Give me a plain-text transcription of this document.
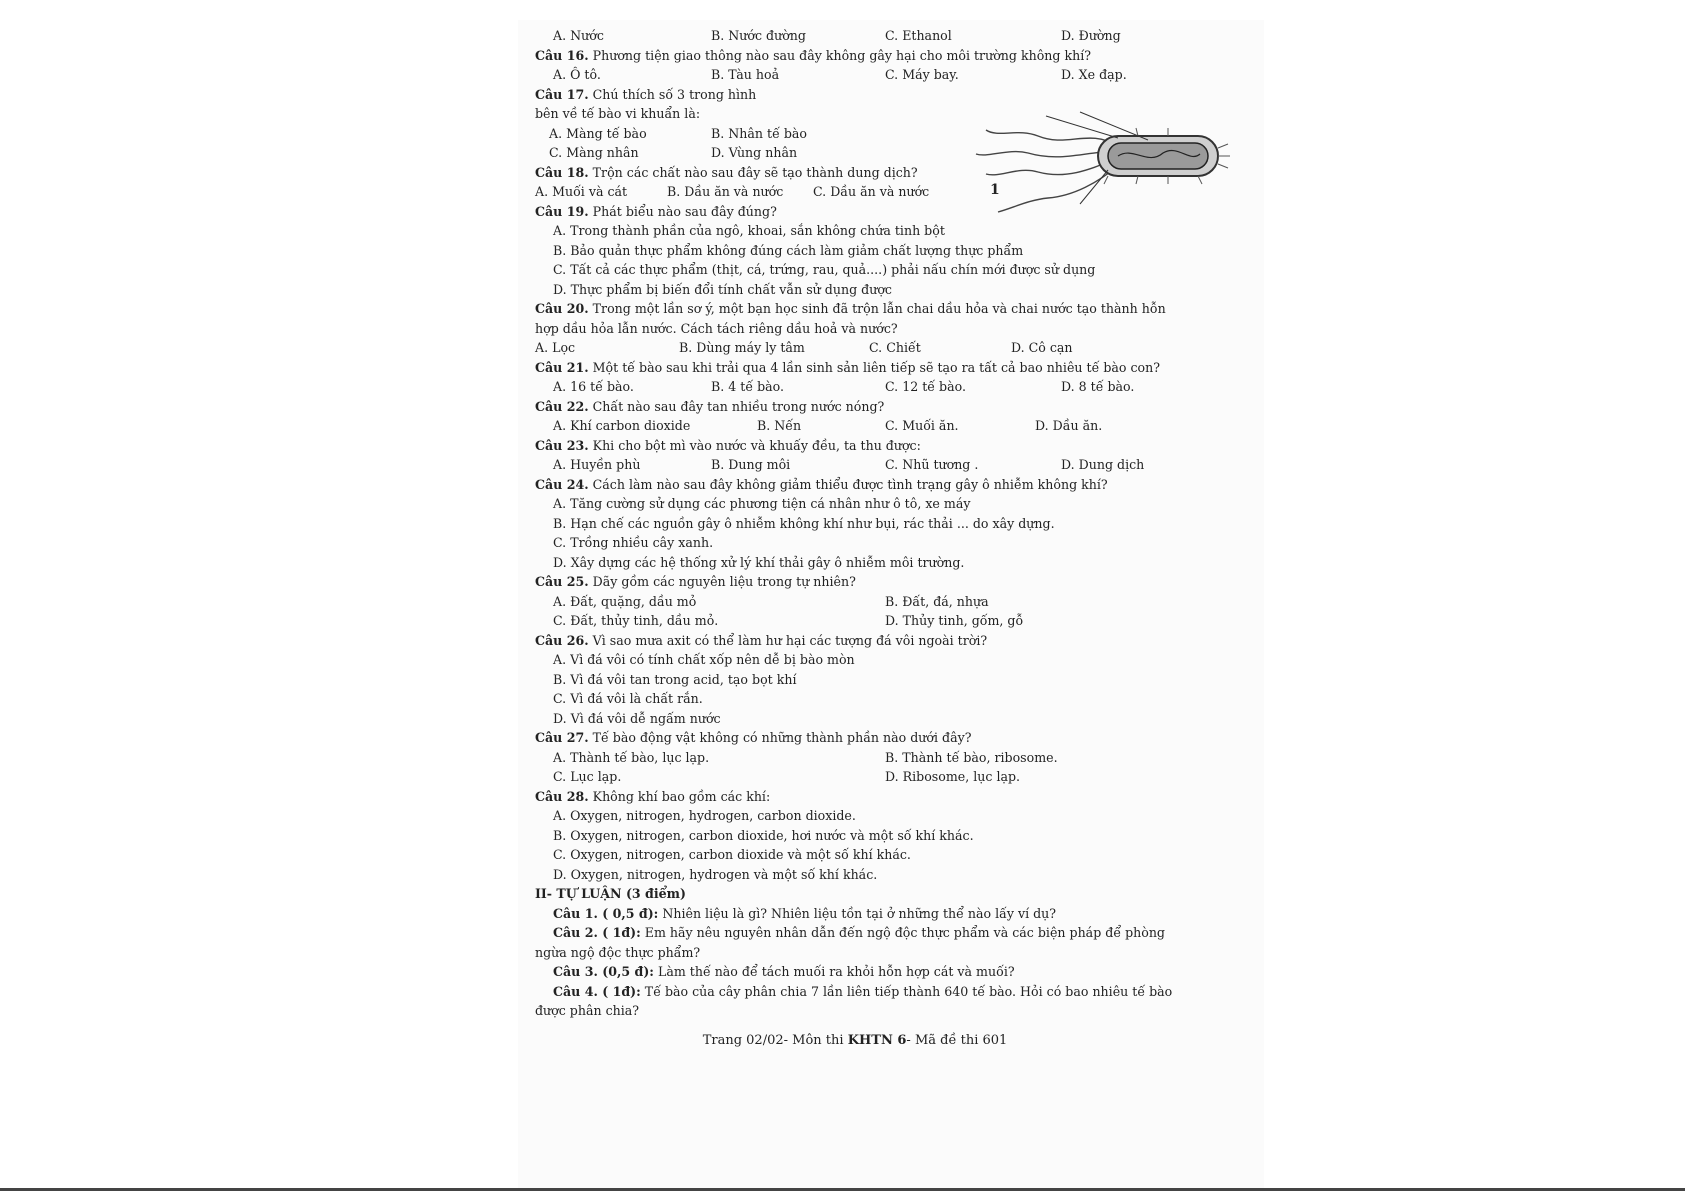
A. Nước	B. Nước đường	C. Ethanol	D. Đường
Câu 16. Phương tiện giao thông nào sau đây không gây hại cho môi trường không khí?
A. Ô tô.	B. Tàu hoả	C. Máy bay.	D. Xe đạp.
Câu 17. Chú thích số 3 trong hình
bên về tế bào vi khuẩn là:
A. Màng tế bào	B. Nhân tế bào
C. Màng nhân	D. Vùng nhân
Câu 18. Trộn các chất nào sau đây sẽ tạo thành dung dịch?
A. Muối và cát	B. Dầu ăn và nước	C. Dầu ăn và nước
Câu 19. Phát biểu nào sau đây đúng?
A. Trong thành phần của ngô, khoai, sắn không chứa tinh bột
B. Bảo quản thực phẩm không đúng cách làm giảm chất lượng thực phẩm
C. Tất cả các thực phẩm (thịt, cá, trứng, rau, quả....) phải nấu chín mới được sử dụng
D. Thực phẩm bị biến đổi tính chất vẫn sử dụng được
Câu 20. Trong một lần sơ ý, một bạn học sinh đã trộn lẫn chai dầu hỏa và chai nước tạo thành hỗn
hợp dầu hỏa lẫn nước. Cách tách riêng dầu hoả và nước?
A. Lọc	B. Dùng máy ly tâm	C. Chiết	D. Cô cạn
Câu 21. Một tế bào sau khi trải qua 4 lần sinh sản liên tiếp sẽ tạo ra tất cả bao nhiêu tế bào con?
A. 16 tế bào.	B. 4 tế bào.	C. 12 tế bào.	D. 8 tế bào.
Câu 22. Chất nào sau đây tan nhiều trong nước nóng?
A. Khí carbon dioxide	B. Nến	C. Muối ăn.	D. Dầu ăn.
Câu 23. Khi cho bột mì vào nước và khuấy đều, ta thu được:
A. Huyền phù	B. Dung môi	C. Nhũ tương .	D. Dung dịch
Câu 24. Cách làm nào sau đây không giảm thiểu được tình trạng gây ô nhiễm không khí?
A. Tăng cường sử dụng các phương tiện cá nhân như ô tô, xe máy
B. Hạn chế các nguồn gây ô nhiễm không khí như bụi, rác thải ... do xây dựng.
C. Trồng nhiều cây xanh.
D. Xây dựng các hệ thống xử lý khí thải gây ô nhiễm môi trường.
Câu 25. Dãy gồm các nguyên liệu trong tự nhiên?
A. Đất, quặng, dầu mỏ	B. Đất, đá, nhựa
C. Đất, thủy tinh, dầu mỏ.	D. Thủy tinh, gốm, gỗ
Câu 26. Vì sao mưa axit có thể làm hư hại các tượng đá vôi ngoài trời?
A. Vì đá vôi có tính chất xốp nên dễ bị bào mòn
B. Vì đá vôi tan trong acid, tạo bọt khí
C. Vì đá vôi là chất rắn.
D. Vì đá vôi dễ ngấm nước
Câu 27. Tế bào động vật không có những thành phần nào dưới đây?
A. Thành tế bào, lục lạp.	B. Thành tế bào, ribosome.
C. Lục lạp.	D. Ribosome, lục lạp.
Câu 28. Không khí bao gồm các khí:
A. Oxygen, nitrogen, hydrogen, carbon dioxide.
B. Oxygen, nitrogen, carbon dioxide, hơi nước và một số khí khác.
C. Oxygen, nitrogen, carbon dioxide và một số khí khác.
D. Oxygen, nitrogen, hydrogen và một số khí khác.
II- TỰ LUẬN (3 điểm)
Câu 1. ( 0,5 đ): Nhiên liệu là gì? Nhiên liệu tồn tại ở những thể nào lấy ví dụ?
Câu 2. ( 1đ): Em hãy nêu nguyên nhân dẫn đến ngộ độc thực phẩm và các biện pháp để phòng
ngừa ngộ độc thực phẩm?
Câu 3. (0,5 đ): Làm thế nào để tách muối ra khỏi hỗn hợp cát và muối?
Câu 4. ( 1đ): Tế bào của cây phân chia 7 lần liên tiếp thành 640 tế bào. Hỏi có bao nhiêu tế bào
được phân chia?
Trang 02/02- Môn thi KHTN 6- Mã đề thi 601
1
